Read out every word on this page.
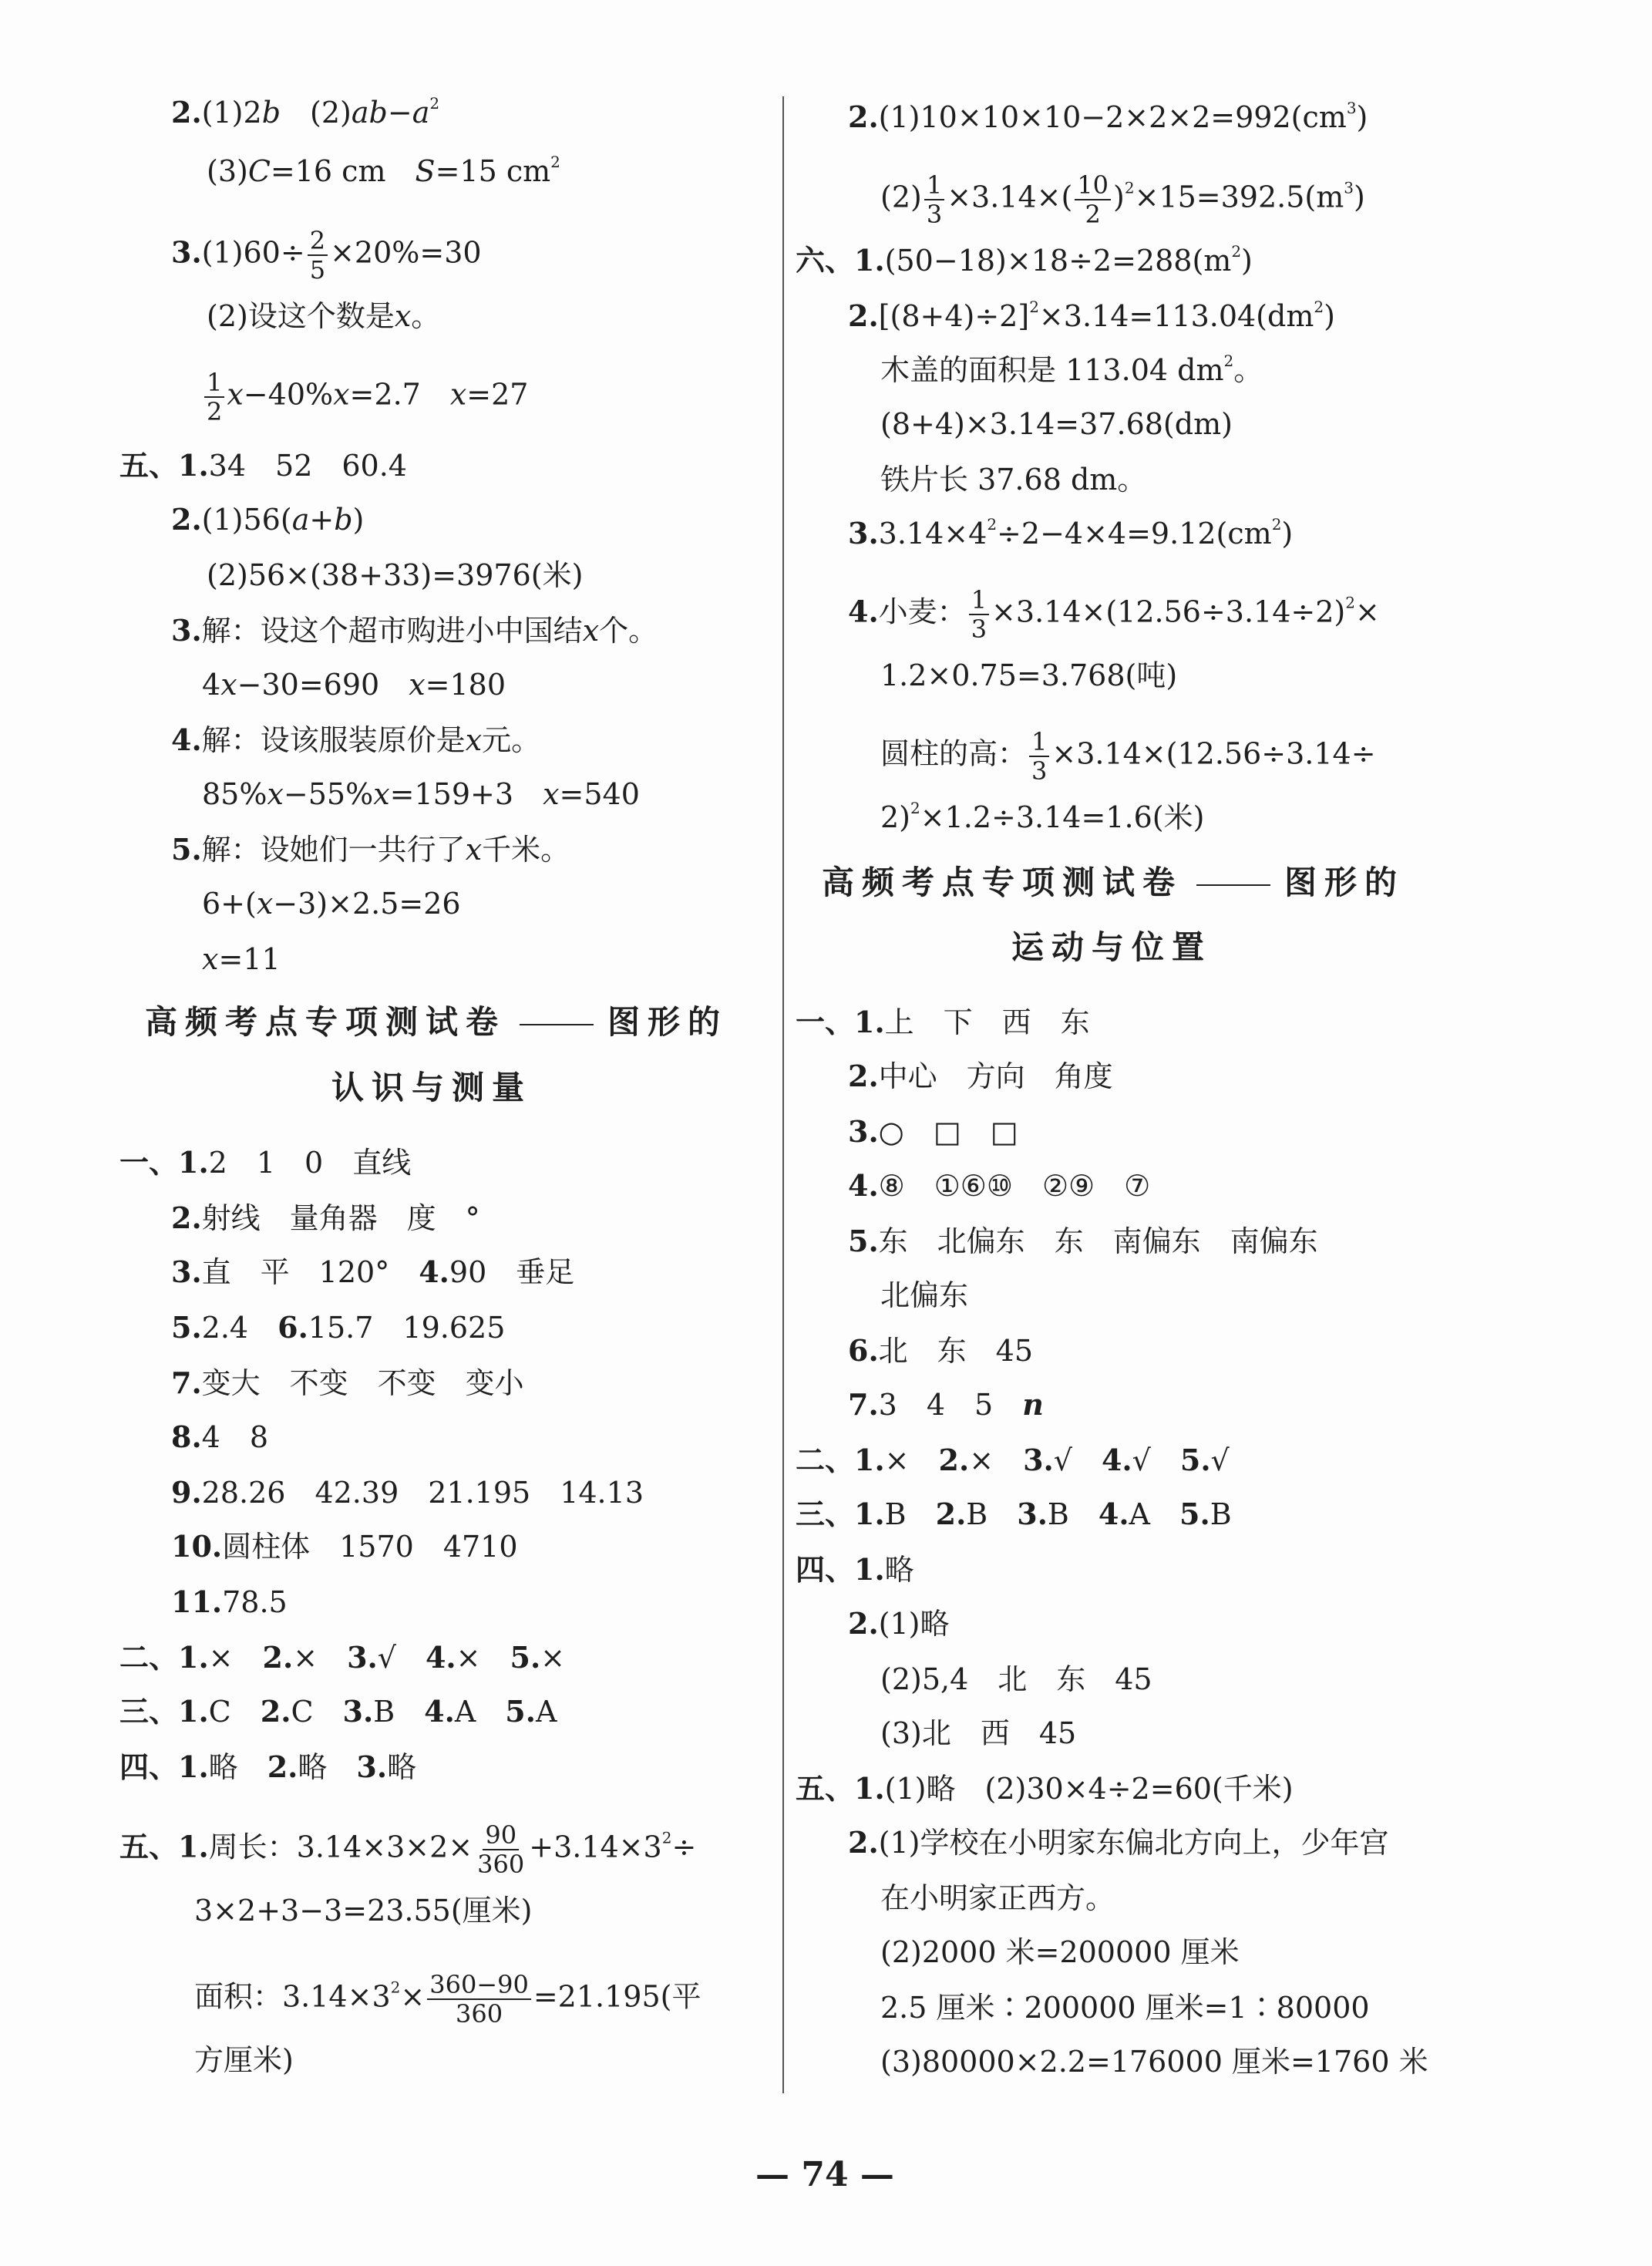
2.(1)2b　 $(2)ab-a^2$
(3)C=16 cm　 S=15 $cm^2$
$3.(1)60\div \frac{2}{5} \times 20\%=30$
(2)设这个数是x。
$\frac{1}{2} x-40\%x=2.7$　 x=27
五、1.34　52　60.4
2.(1)56(a+b)
(2)56×(38+33)=3976(米)
3.解：设这个超市购进小中国结x个。
4x−30=690　 x=180
4.解：设该服装原价是x元。
85%x−55%x=159+3　 x=540
5.解：设她们一共行了x千米。
6+(x−3)×2.5=26
x=11
高频考点专项测试卷	图形的
认识与测量
一、1.2　1　0　直线
2.射线　量角器　度　°
3.直　平　120°　 4.90　垂足
5.2.4　 6.15.7　19.625
7.变大　不变　不变　变小
8.4　8
9.28.26　42.39　21.195　14.13
10.圆柱体　1570　4710
11.78.5
二、1.×　 2.×　 3.√　 4.×　 5.×
三、1.C　 2.C　 3.B　 4.A　 5.A
四、1.略　 2.略　 3.略
五、1.周长：$3.14\times 3\times 2\times \frac{90}{360} +3.14\times 3^2\div$
3×2+3−3=23.55(厘米)
面积：$3.14\times 3^2\times \frac{360-90}{360} =21.195$(平
方厘米)
$2.(1)10\times 10\times 10-2\times 2\times 2=992(cm^3)$
$(2) \frac{1}{3} \times 3.14\times( \frac{10}{2} )^2\times 15=392.5(m^3)$
六、$1.(50-18)\times 18\div 2=288(m^2)$
$2.[(8+4)\div 2]^2\times 3.14=113.04(dm^2)$
木盖的面积是 113.04 $dm^2$。
(8+4)×3.14=37.68(dm)
铁片长 37.68 dm。
$3.3.14\times 4^2\div 2-4\times 4=9.12(cm^2)$
4.小麦： $\frac{1}{3} \times 3.14\times(12.56\div 3.14\div 2)^2\times$
1.2×0.75=3.768(吨)
圆柱的高： $\frac{1}{3} \times 3.14\times(12.56\div 3.14\div$
2)$^2$×1.2÷3.14=1.6(米)
高频考点专项测试卷	图形的
运动与位置
一、1.上　下　西　东
2.中心　方向　角度
3.○　□　□
4.⑧　①⑥⑩　②⑨　⑦
5.东　北偏东　东　南偏东　南偏东
北偏东
6.北　东　45
7.3　4　5　 n
二、1.×　 2.×　 3.√　 4.√　 5.√
三、1.B　 2.B　 3.B　 4.A　 5.B
四、1.略
2.(1)略
(2)5,4　北　东　45
(3)北　西　45
五、1.(1)略　 (2)30×4÷2=60(千米)
2.(1)学校在小明家东偏北方向上，少年宫
在小明家正西方。
(2)2000 米=200000 厘米
2.5 厘米∶200000 厘米=1∶80000
(3)80000×2.2=176000 厘米=1760 米
— 74 —
